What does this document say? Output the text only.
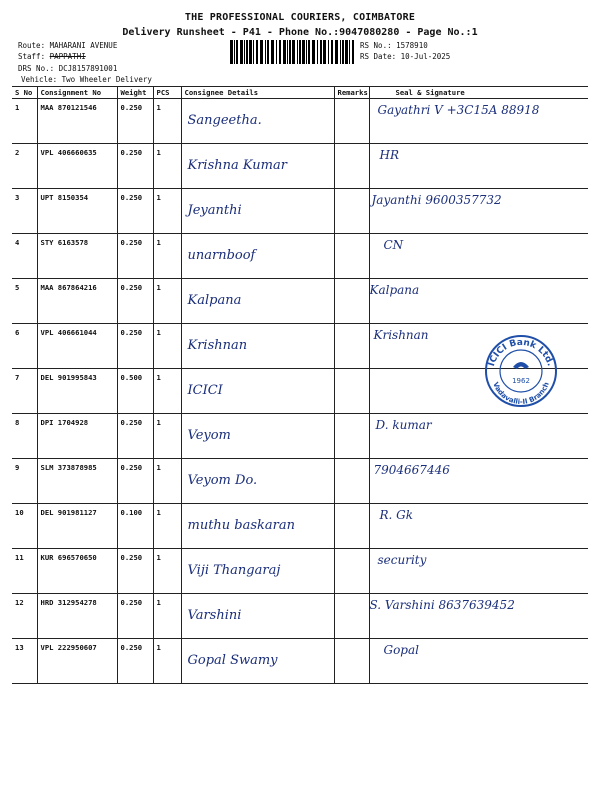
THE PROFESSIONAL COURIERS, COIMBATORE
Delivery Runsheet - P41 - Phone No.:9047080280 - Page No.:1
Route: MAHARANI AVENUE
Staff: PAPPATHI
DRS No.: DCJ8157891001
Vehicle: Two Wheeler Delivery
RS No.: 1578910
RS Date: 10-Jul-2025
S No	Consignment No	Weight	PCS	Consignee Details	Remarks	Seal & Signature
1	MAA 870121546	0.250	1	Sangeetha.		Gayathri V +3C15A 88918

2	VPL 406660635	0.250	1	Krishna Kumar		HR

3	UPT 8150354	0.250	1	Jeyanthi		Jayanthi 9600357732

4	STY 6163578	0.250	1	unarnboof		CN

5	MAA 867864216	0.250	1	Kalpana		Kalpana

6	VPL 406661044	0.250	1	Krishnan		Krishnan

7	DEL 901995843	0.500	1	ICICI		

8	DPI 1704928	0.250	1	Veyom		D. kumar

9	SLM 373878985	0.250	1	Veyom Do.		7904667446

10	DEL 901981127	0.100	1	muthu baskaran		R. Gk

11	KUR 696570650	0.250	1	Viji Thangaraj		security

12	HRD 312954278	0.250	1	Varshini		S. Varshini 8637639452

13	VPL 222950607	0.250	1	Gopal Swamy		Gopal
ICICI Bank Ltd.
Vadavalli-II Branch
1962
